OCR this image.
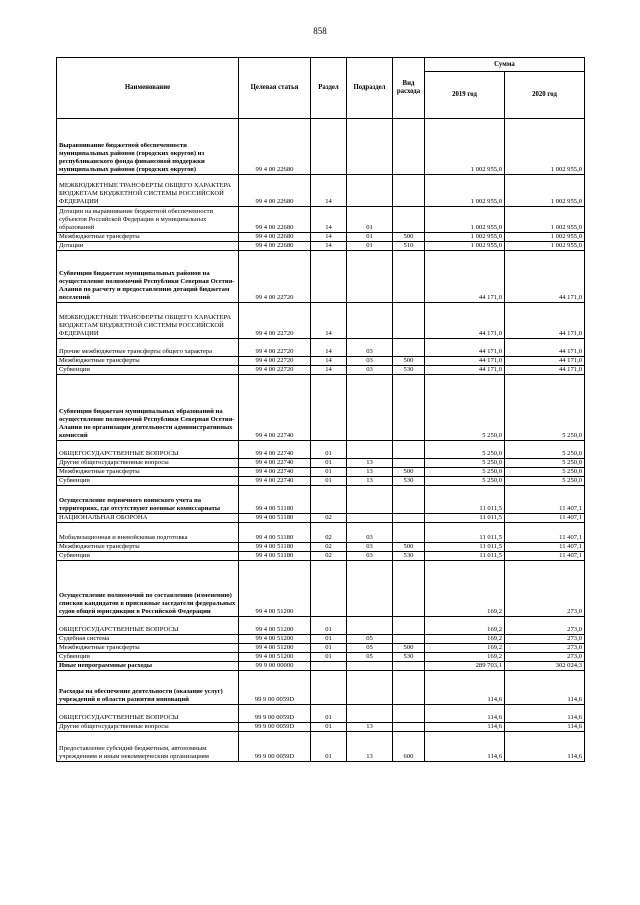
858
Наименование	Целевая статья	Раздел	Подраздел	Вид расхода	Сумма	
					2019 год	2020 год
Выравнивание бюджетной обеспеченности муниципальных районов (городских округов) из республиканского фонда финансовой поддержки муниципальных районов (городских округов)	99 4 00 22680				1 002 955,0	1 002 955,0
МЕЖБЮДЖЕТНЫЕ ТРАНСФЕРТЫ ОБЩЕГО ХАРАКТЕРА БЮДЖЕТАМ БЮДЖЕТНОЙ СИСТЕМЫ РОССИЙСКОЙ ФЕДЕРАЦИИ	99 4 00 22680	14			1 002 955,0	1 002 955,0
Дотации на выравнивание бюджетной обеспеченности субъектов Российской Федерации и муниципальных образований	99 4 00 22680	14	01		1 002 955,0	1 002 955,0
Межбюджетные трансферты	99 4 00 22680	14	01	500	1 002 955,0	1 002 955,0
Дотации	99 4 00 22680	14	01	510	1 002 955,0	1 002 955,0
Субвенции бюджетам муниципальных районов на осуществление полномочий Республики Северная Осетия-Алания по расчету и предоставлению дотаций бюджетам поселений	99 4 00 22720				44 171,0	44 171,0
МЕЖБЮДЖЕТНЫЕ ТРАНСФЕРТЫ ОБЩЕГО ХАРАКТЕРА БЮДЖЕТАМ БЮДЖЕТНОЙ СИСТЕМЫ РОССИЙСКОЙ ФЕДЕРАЦИИ	99 4 00 22720	14			44 171,0	44 171,0
Прочие межбюджетные трансферты общего характера	99 4 00 22720	14	03		44 171,0	44 171,0
Межбюджетные трансферты	99 4 00 22720	14	03	500	44 171,0	44 171,0
Субвенции	99 4 00 22720	14	03	530	44 171,0	44 171,0
Субвенции бюджетам муниципальных образований на осуществление полномочий Республики Северная Осетия-Алания по организации деятельности административных комиссий	99 4 00 22740				5 250,0	5 250,0
ОБЩЕГОСУДАРСТВЕННЫЕ ВОПРОСЫ	99 4 00 22740	01			5 250,0	5 250,0
Другие общегосударственные вопросы	99 4 00 22740	01	13		5 250,0	5 250,0
Межбюджетные трансферты	99 4 00 22740	01	13	500	5 250,0	5 250,0
Субвенции	99 4 00 22740	01	13	530	5 250,0	5 250,0
Осуществление первичного воинского учета на территориях, где отсутствуют военные комиссариаты	99 4 00 51180				11 011,5	11 407,1
НАЦИОНАЛЬНАЯ ОБОРОНА	99 4 00 51180	02			11 011,5	11 407,1
Мобилизационная и вневойсковая подготовка	99 4 00 51180	02	03		11 011,5	11 407,1
Межбюджетные трансферты	99 4 00 51180	02	03	500	11 011,5	11 407,1
Субвенции	99 4 00 51180	02	03	530	11 011,5	11 407,1
Осуществление полномочий по составлению (изменению) списков кандидатов в присяжные заседатели федеральных судов общей юрисдикции в Российской Федерации	99 4 00 51200				169,2	273,0
ОБЩЕГОСУДАРСТВЕННЫЕ ВОПРОСЫ	99 4 00 51200	01			169,2	273,0
Судебная система	99 4 00 51200	01	05		169,2	273,0
Межбюджетные трансферты	99 4 00 51200	01	05	500	169,2	273,0
Субвенции	99 4 00 51200	01	05	530	169,2	273,0
Иные непрограммные расходы	99 9 00 00000				289 703,1	302 024,3
Расходы на обеспечение деятельности (оказание услуг) учреждений в области развития инноваций	99 9 00 0059D				114,6	114,6
ОБЩЕГОСУДАРСТВЕННЫЕ ВОПРОСЫ	99 9 00 0059D	01			114,6	114,6
Другие общегосударственные вопросы	99 9 00 0059D	01	13		114,6	114,6
Предоставление субсидий бюджетным, автономным учреждениям и иным некоммерческим организациям	99 9 00 0059D	01	13	600	114,6	114,6
